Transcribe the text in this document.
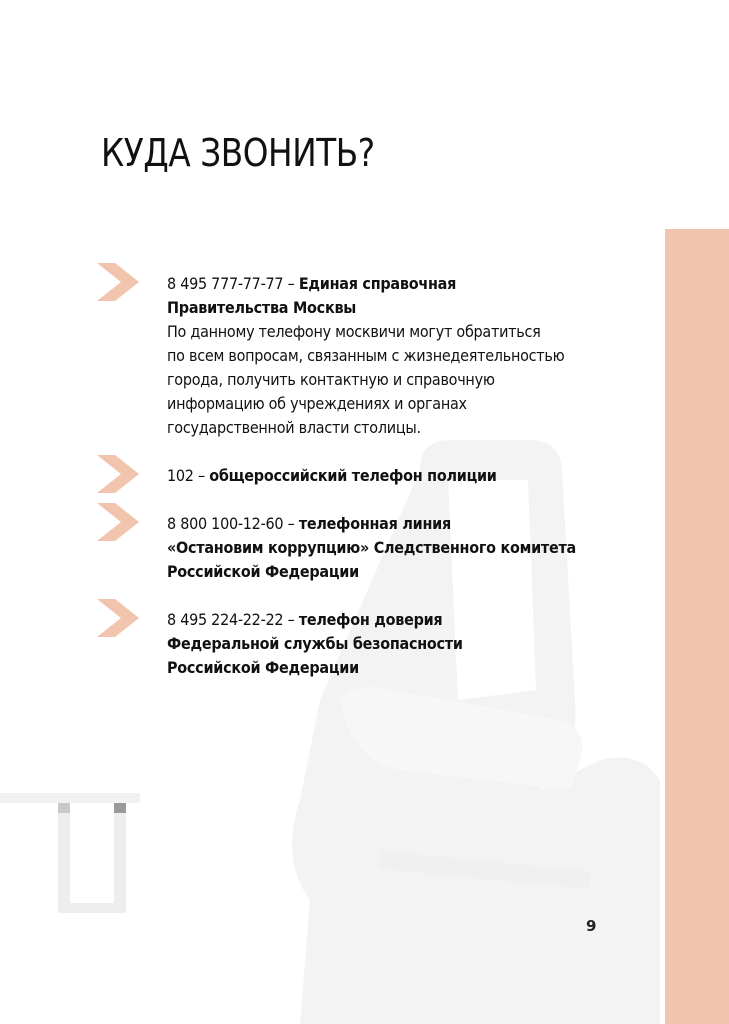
КУДА ЗВОНИТЬ?
8 495 777-77-77 – Единая справочная
Правительства Москвы
По данному телефону москвичи могут обратиться
по всем вопросам, связанным с жизнедеятельностью
города, получить контактную и справочную
информацию об учреждениях и органах
государственной власти столицы.
102 – общероссийский телефон полиции
8 800 100-12-60 – телефонная линия
«Остановим коррупцию» Следственного комитета
Российской Федерации
8 495 224-22-22 – телефон доверия
Федеральной службы безопасности
Российской Федерации
9
